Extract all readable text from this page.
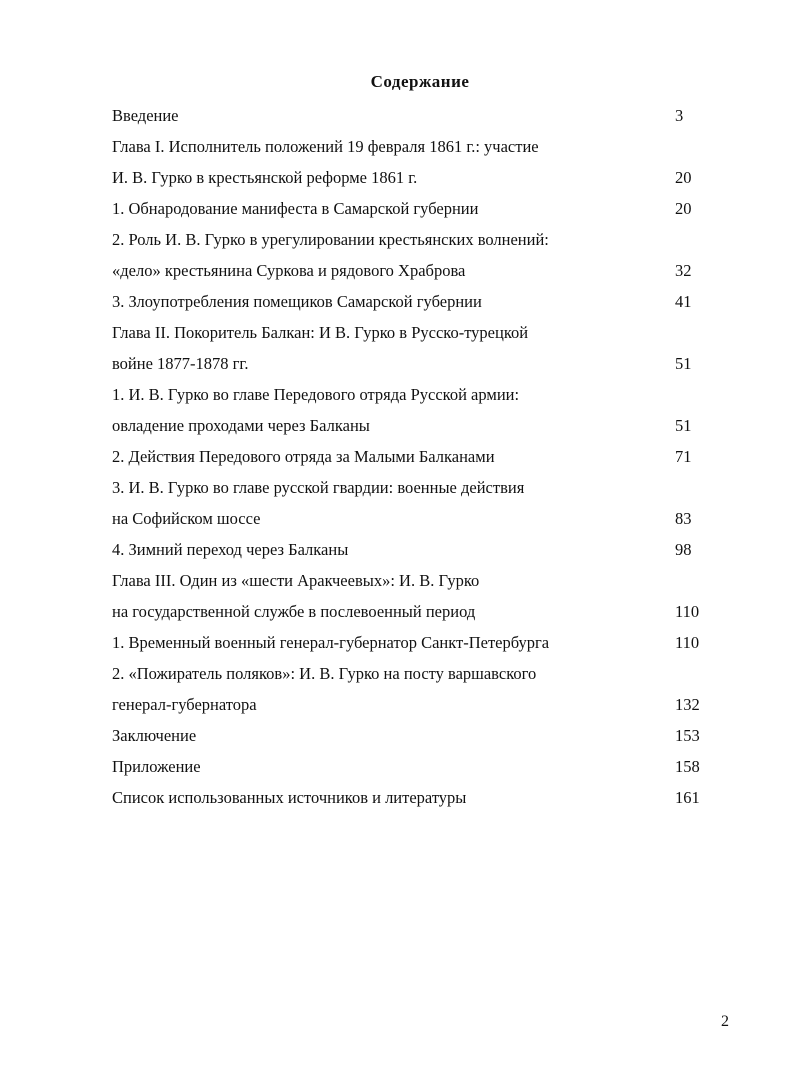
Содержание
Введение	3
Глава I. Исполнитель положений 19 февраля 1861 г.: участие
И. В. Гурко в крестьянской реформе 1861 г.	20
1. Обнародование манифеста в Самарской губернии	20
2. Роль И. В. Гурко в урегулировании крестьянских волнений:
«дело» крестьянина Суркова и рядового Храброва	32
3. Злоупотребления помещиков Самарской губернии	41
Глава II. Покоритель Балкан: И В. Гурко в Русско-турецкой
войне 1877-1878 гг.	51
1. И. В. Гурко во главе Передового отряда Русской армии:
овладение проходами через Балканы	51
2. Действия Передового отряда за Малыми Балканами	71
3. И. В. Гурко во главе русской гвардии: военные действия
на Софийском шоссе	83
4. Зимний переход через Балканы	98
Глава III. Один из «шести Аракчеевых»: И. В. Гурко
на государственной службе в послевоенный период	110
1. Временный военный генерал-губернатор Санкт-Петербурга	110
2. «Пожиратель поляков»: И. В. Гурко на посту варшавского
генерал-губернатора	132
Заключение	153
Приложение	158
Список использованных источников и литературы	161
2
